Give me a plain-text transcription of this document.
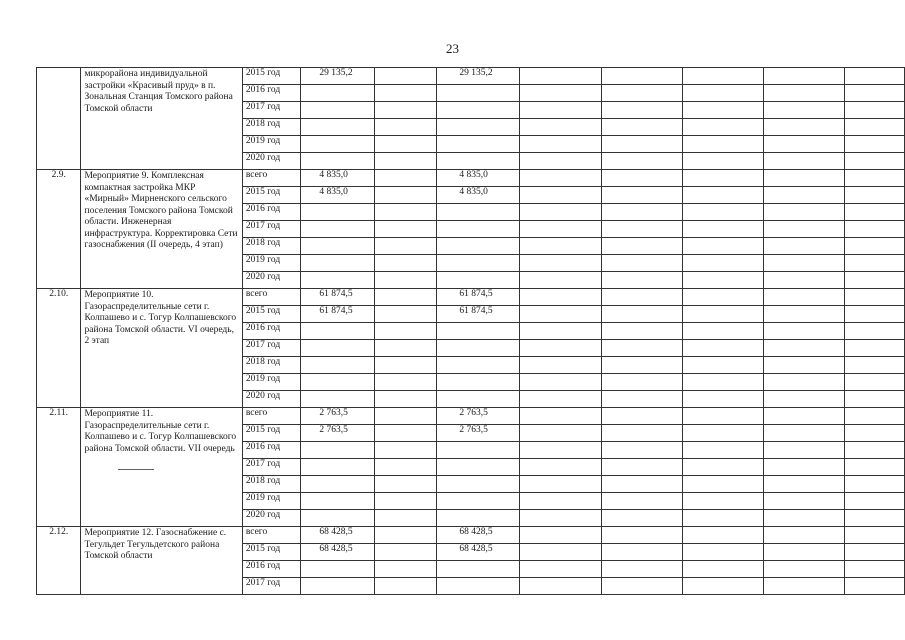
23
	микрорайона индивидуальной застройки «Красивый пруд» в п. Зональная Станция Томского района Томской области	2015 год	29 135,2		29 135,2					
		2016 год								
		2017 год								
		2018 год								
		2019 год								
		2020 год								
2.9.	Мероприятие 9. Комплексная компактная застройка МКР «Мирный» Мирненского сельского поселения Томского района Томской области. Инженерная инфраструктура. Корректировка Сети газоснабжения (II очередь, 4 этап)	всего	4 835,0		4 835,0					
		2015 год	4 835,0		4 835,0					
		2016 год								
		2017 год								
		2018 год								
		2019 год								
		2020 год								
2.10.	Мероприятие 10. Газораспределительные сети г. Колпашево и с. Тогур Колпашевского района Томской области. VI очередь, 2 этап	всего	61 874,5		61 874,5					
		2015 год	61 874,5		61 874,5					
		2016 год								
		2017 год								
		2018 год								
		2019 год								
		2020 год								
2.11.	Мероприятие 11. Газораспределительные сети г. Колпашево и с. Тогур Колпашевского района Томской области. VII очередь	всего	2 763,5		2 763,5					
		2015 год	2 763,5		2 763,5					
		2016 год								
		2017 год								
		2018 год								
		2019 год								
		2020 год								
2.12.	Мероприятие 12. Газоснабжение с. Тегульдет Тегульдетского района Томской области	всего	68 428,5		68 428,5					
		2015 год	68 428,5		68 428,5					
		2016 год								
		2017 год								
